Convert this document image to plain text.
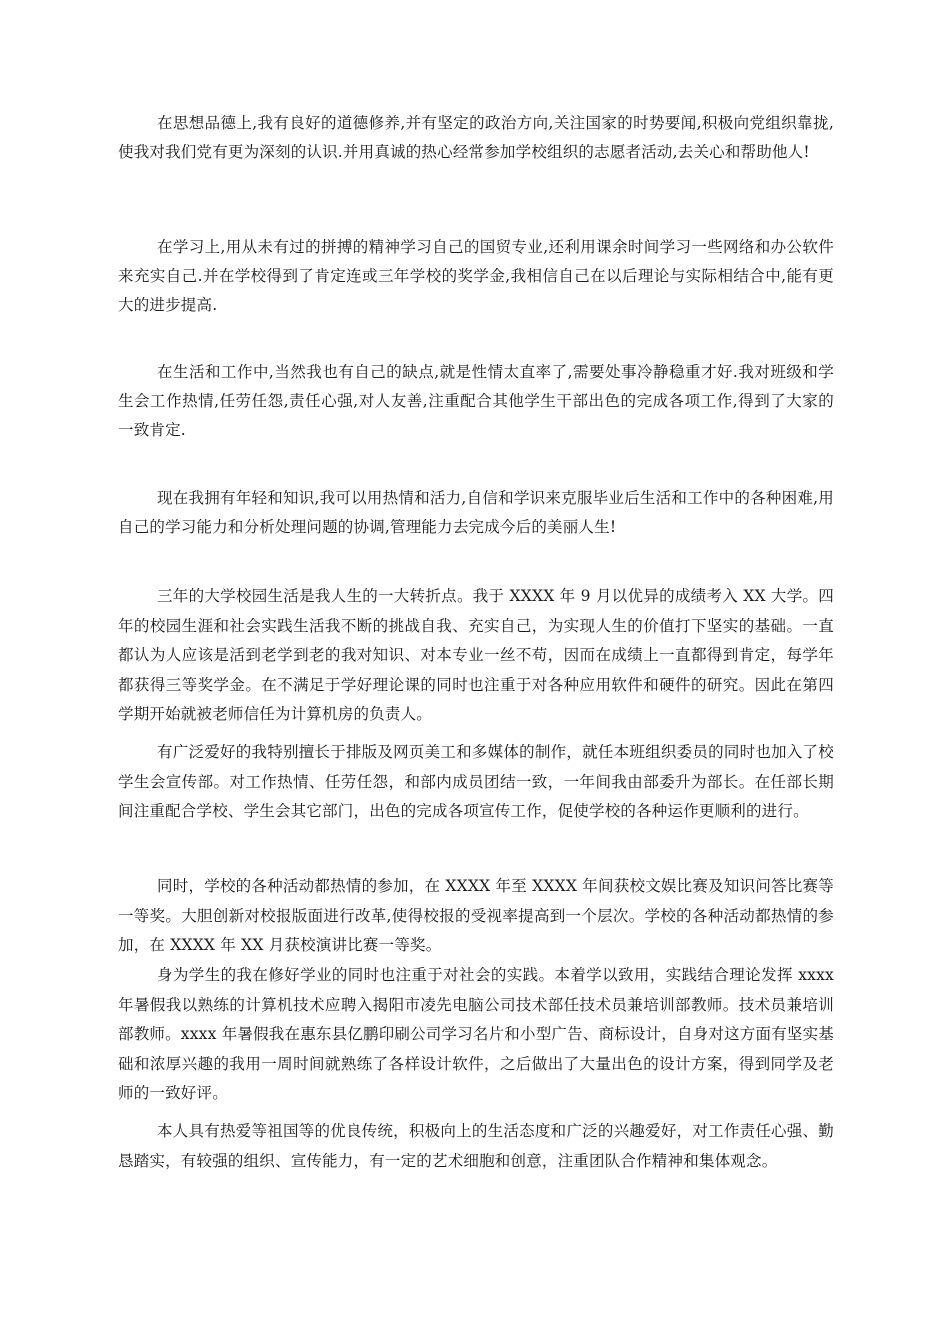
在思想品德上,我有良好的道德修养,并有坚定的政治方向,关注国家的时势要闻,积极向党组织靠拢,使我对我们党有更为深刻的认识.并用真诚的热心经常参加学校组织的志愿者活动,去关心和帮助他人!

在学习上,用从未有过的拼搏的精神学习自己的国贸专业,还利用课余时间学习一些网络和办公软件来充实自己.并在学校得到了肯定连或三年学校的奖学金,我相信自己在以后理论与实际相结合中,能有更大的进步提高.

在生活和工作中,当然我也有自己的缺点,就是性情太直率了,需要处事冷静稳重才好.我对班级和学生会工作热情,任劳任怨,责任心强,对人友善,注重配合其他学生干部出色的完成各项工作,得到了大家的一致肯定.

现在我拥有年轻和知识,我可以用热情和活力,自信和学识来克服毕业后生活和工作中的各种困难,用自己的学习能力和分析处理问题的协调,管理能力去完成今后的美丽人生!

三年的大学校园生活是我人生的一大转折点。我于 XXXX 年 9 月以优异的成绩考入 XX 大学。四年的校园生涯和社会实践生活我不断的挑战自我、充实自己，为实现人生的价值打下坚实的基础。一直都认为人应该是活到老学到老的我对知识、对本专业一丝不苟，因而在成绩上一直都得到肯定，每学年都获得三等奖学金。在不满足于学好理论课的同时也注重于对各种应用软件和硬件的研究。因此在第四学期开始就被老师信任为计算机房的负责人。

有广泛爱好的我特别擅长于排版及网页美工和多媒体的制作，就任本班组织委员的同时也加入了校学生会宣传部。对工作热情、任劳任怨，和部内成员团结一致，一年间我由部委升为部长。在任部长期间注重配合学校、学生会其它部门，出色的完成各项宣传工作，促使学校的各种运作更顺利的进行。

同时，学校的各种活动都热情的参加，在 XXXX 年至 XXXX 年间获校文娱比赛及知识问答比赛等一等奖。大胆创新对校报版面进行改革,使得校报的受视率提高到一个层次。学校的各种活动都热情的参加，在 XXXX 年 XX 月获校演讲比赛一等奖。

身为学生的我在修好学业的同时也注重于对社会的实践。本着学以致用，实践结合理论发挥 xxxx 年暑假我以熟练的计算机技术应聘入揭阳市凌先电脑公司技术部任技术员兼培训部教师。技术员兼培训部教师。xxxx 年暑假我在惠东县亿鹏印刷公司学习名片和小型广告、商标设计，自身对这方面有坚实基础和浓厚兴趣的我用一周时间就熟练了各样设计软件，之后做出了大量出色的设计方案，得到同学及老师的一致好评。

本人具有热爱等祖国等的优良传统，积极向上的生活态度和广泛的兴趣爱好，对工作责任心强、勤恳踏实，有较强的组织、宣传能力，有一定的艺术细胞和创意，注重团队合作精神和集体观念。
